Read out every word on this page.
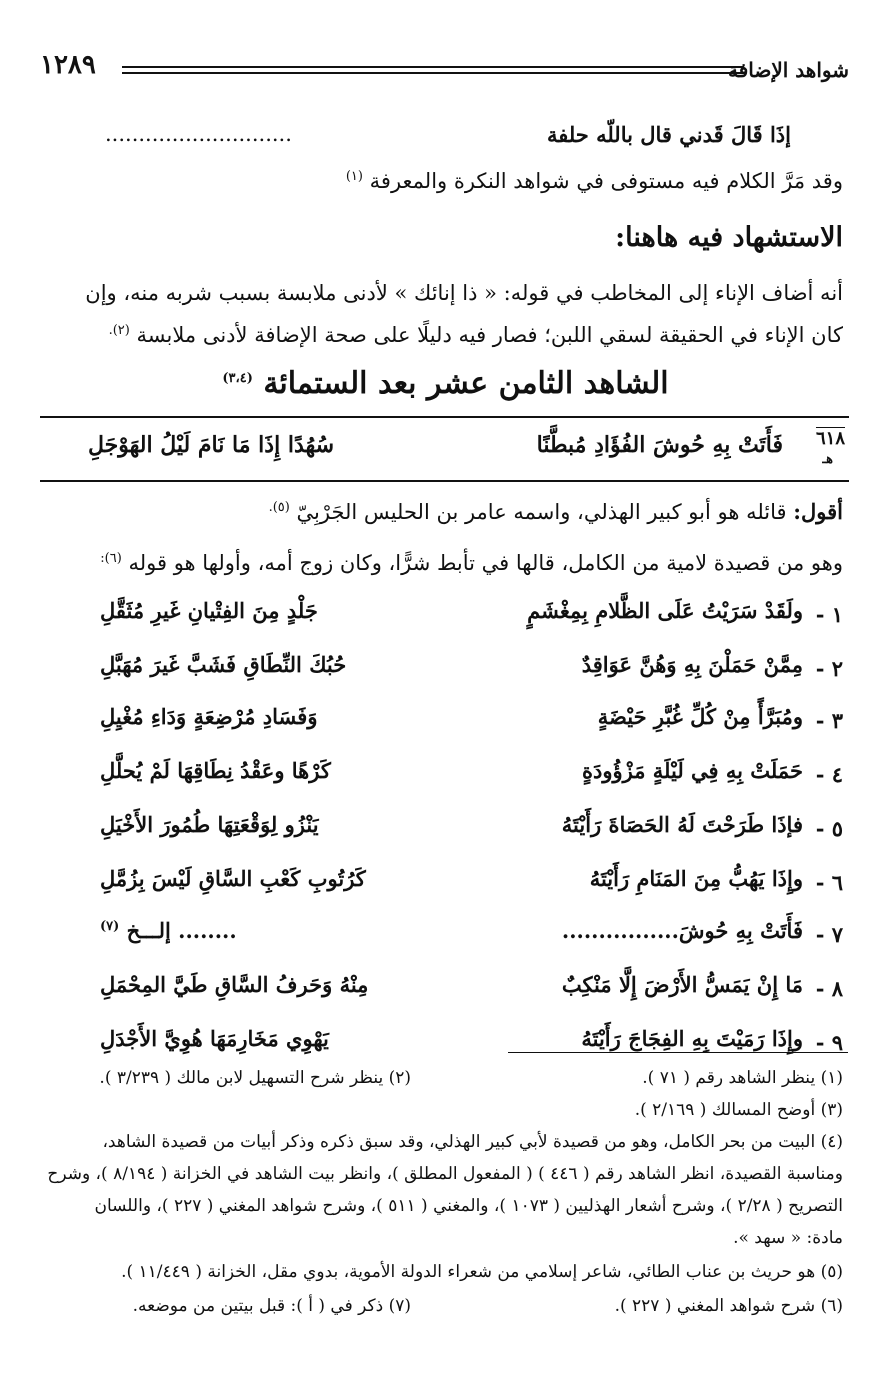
شواهد الإضافة
١٢٨٩
إذَا قَالَ قَدني قال باللّه حلفة
............................
وقد مَرَّ الكلام فيه مستوفى في شواهد النكرة والمعرفة $^{(١)}$
الاستشهاد فيه هاهنا:
أنه أضاف الإناء إلى المخاطب في قوله: « ذا إنائك » لأدنى ملابسة بسبب شربه منه، وإن
كان الإناء في الحقيقة لسقي اللبن؛ فصار فيه دليلًا على صحة الإضافة لأدنى ملابسة $^{(٢).}$
الشاهد الثامن عشر بعد الستمائة $^{(٣،٤)}$
٦١٨
هـ
فَأَتَتْ بِهِ حُوشَ الفُؤَادِ مُبطَّنًا
سُهُدًا إِذَا مَا نَامَ لَيْلُ الهَوْجَلِ
أقول: قائله هو أبو كبير الهذلي، واسمه عامر بن الحليس الجَرْبِيّ $^{(٥).}$
وهو من قصيدة لامية من الكامل، قالها في تأبط شرًّا، وكان زوج أمه، وأولها هو قوله $^{(٦):}$
١ -
ولَقَدْ سَرَيْتُ عَلَى الظَّلامِ بِمِغْشَمٍ
جَلْدٍ مِنَ الفِتْيانِ غَيرِ مُثَقَّلِ
٢ -
مِمَّنْ حَمَلْنَ بِهِ وَهُنَّ عَوَاقِدٌ
حُبُكَ النِّطَاقِ فَشَبَّ غَيرَ مُهَبَّلِ
٣ -
ومُبَرَّأً مِنْ كُلِّ غُبَّرِ حَيْضَةٍ
وَفَسَادِ مُرْضِعَةٍ وَدَاءِ مُغْيِلِ
٤ -
حَمَلَتْ بِهِ فِي لَيْلَةٍ مَزْؤُودَةٍ
كَرْهًا وعَقْدُ نِطَاقِهَا لَمْ يُحلَّلِ
٥ -
فإذَا طَرَحْتَ لَهُ الحَصَاةَ رَأَيْتَهُ
يَنْزُو لِوَقْعَتِهَا طُمُورَ الأَخْيَلِ
٦ -
وإِذَا يَهُبُّ مِنَ المَنَامِ رَأَيْتَهُ
كَرُتُوبِ كَعْبِ السَّاقِ لَيْسَ بِزُمَّلِ
٧ -
فَأَتَتْ بِهِ حُوشَ................
........ إلـــخ $^{(٧)}$
٨ -
مَا إِنْ يَمَسُّ الأَرْضَ إِلَّا مَنْكِبٌ
مِنْهُ وَحَرفُ السَّاقِ طَيَّ المِحْمَلِ
٩ -
وإِذَا رَمَيْتَ بِهِ الفِجَاجَ رَأَيْتَهُ
يَهْوِي مَخَارِمَهَا هُوِيَّ الأَجْدَلِ
(١) ينظر الشاهد رقم ( ٧١ ).
(٢) ينظر شرح التسهيل لابن مالك ( ٣/٢٣٩ ).
(٣) أوضح المسالك ( ٢/١٦٩ ).
(٤) البيت من بحر الكامل، وهو من قصيدة لأبي كبير الهذلي، وقد سبق ذكره وذكر أبيات من قصيدة الشاهد،
ومناسبة القصيدة، انظر الشاهد رقم ( ٤٤٦ ) ( المفعول المطلق )، وانظر بيت الشاهد في الخزانة ( ٨/١٩٤ )، وشرح
التصريح ( ٢/٢٨ )، وشرح أشعار الهذليين ( ١٠٧٣ )، والمغني ( ٥١١ )، وشرح شواهد المغني ( ٢٢٧ )، واللسان
مادة: « سهد ».
(٥) هو حريث بن عناب الطائي، شاعر إسلامي من شعراء الدولة الأموية، بدوي مقل، الخزانة ( ١١/٤٤٩ ).
(٦) شرح شواهد المغني ( ٢٢٧ ).
(٧) ذكر في ( أ ): قبل بيتين من موضعه.
